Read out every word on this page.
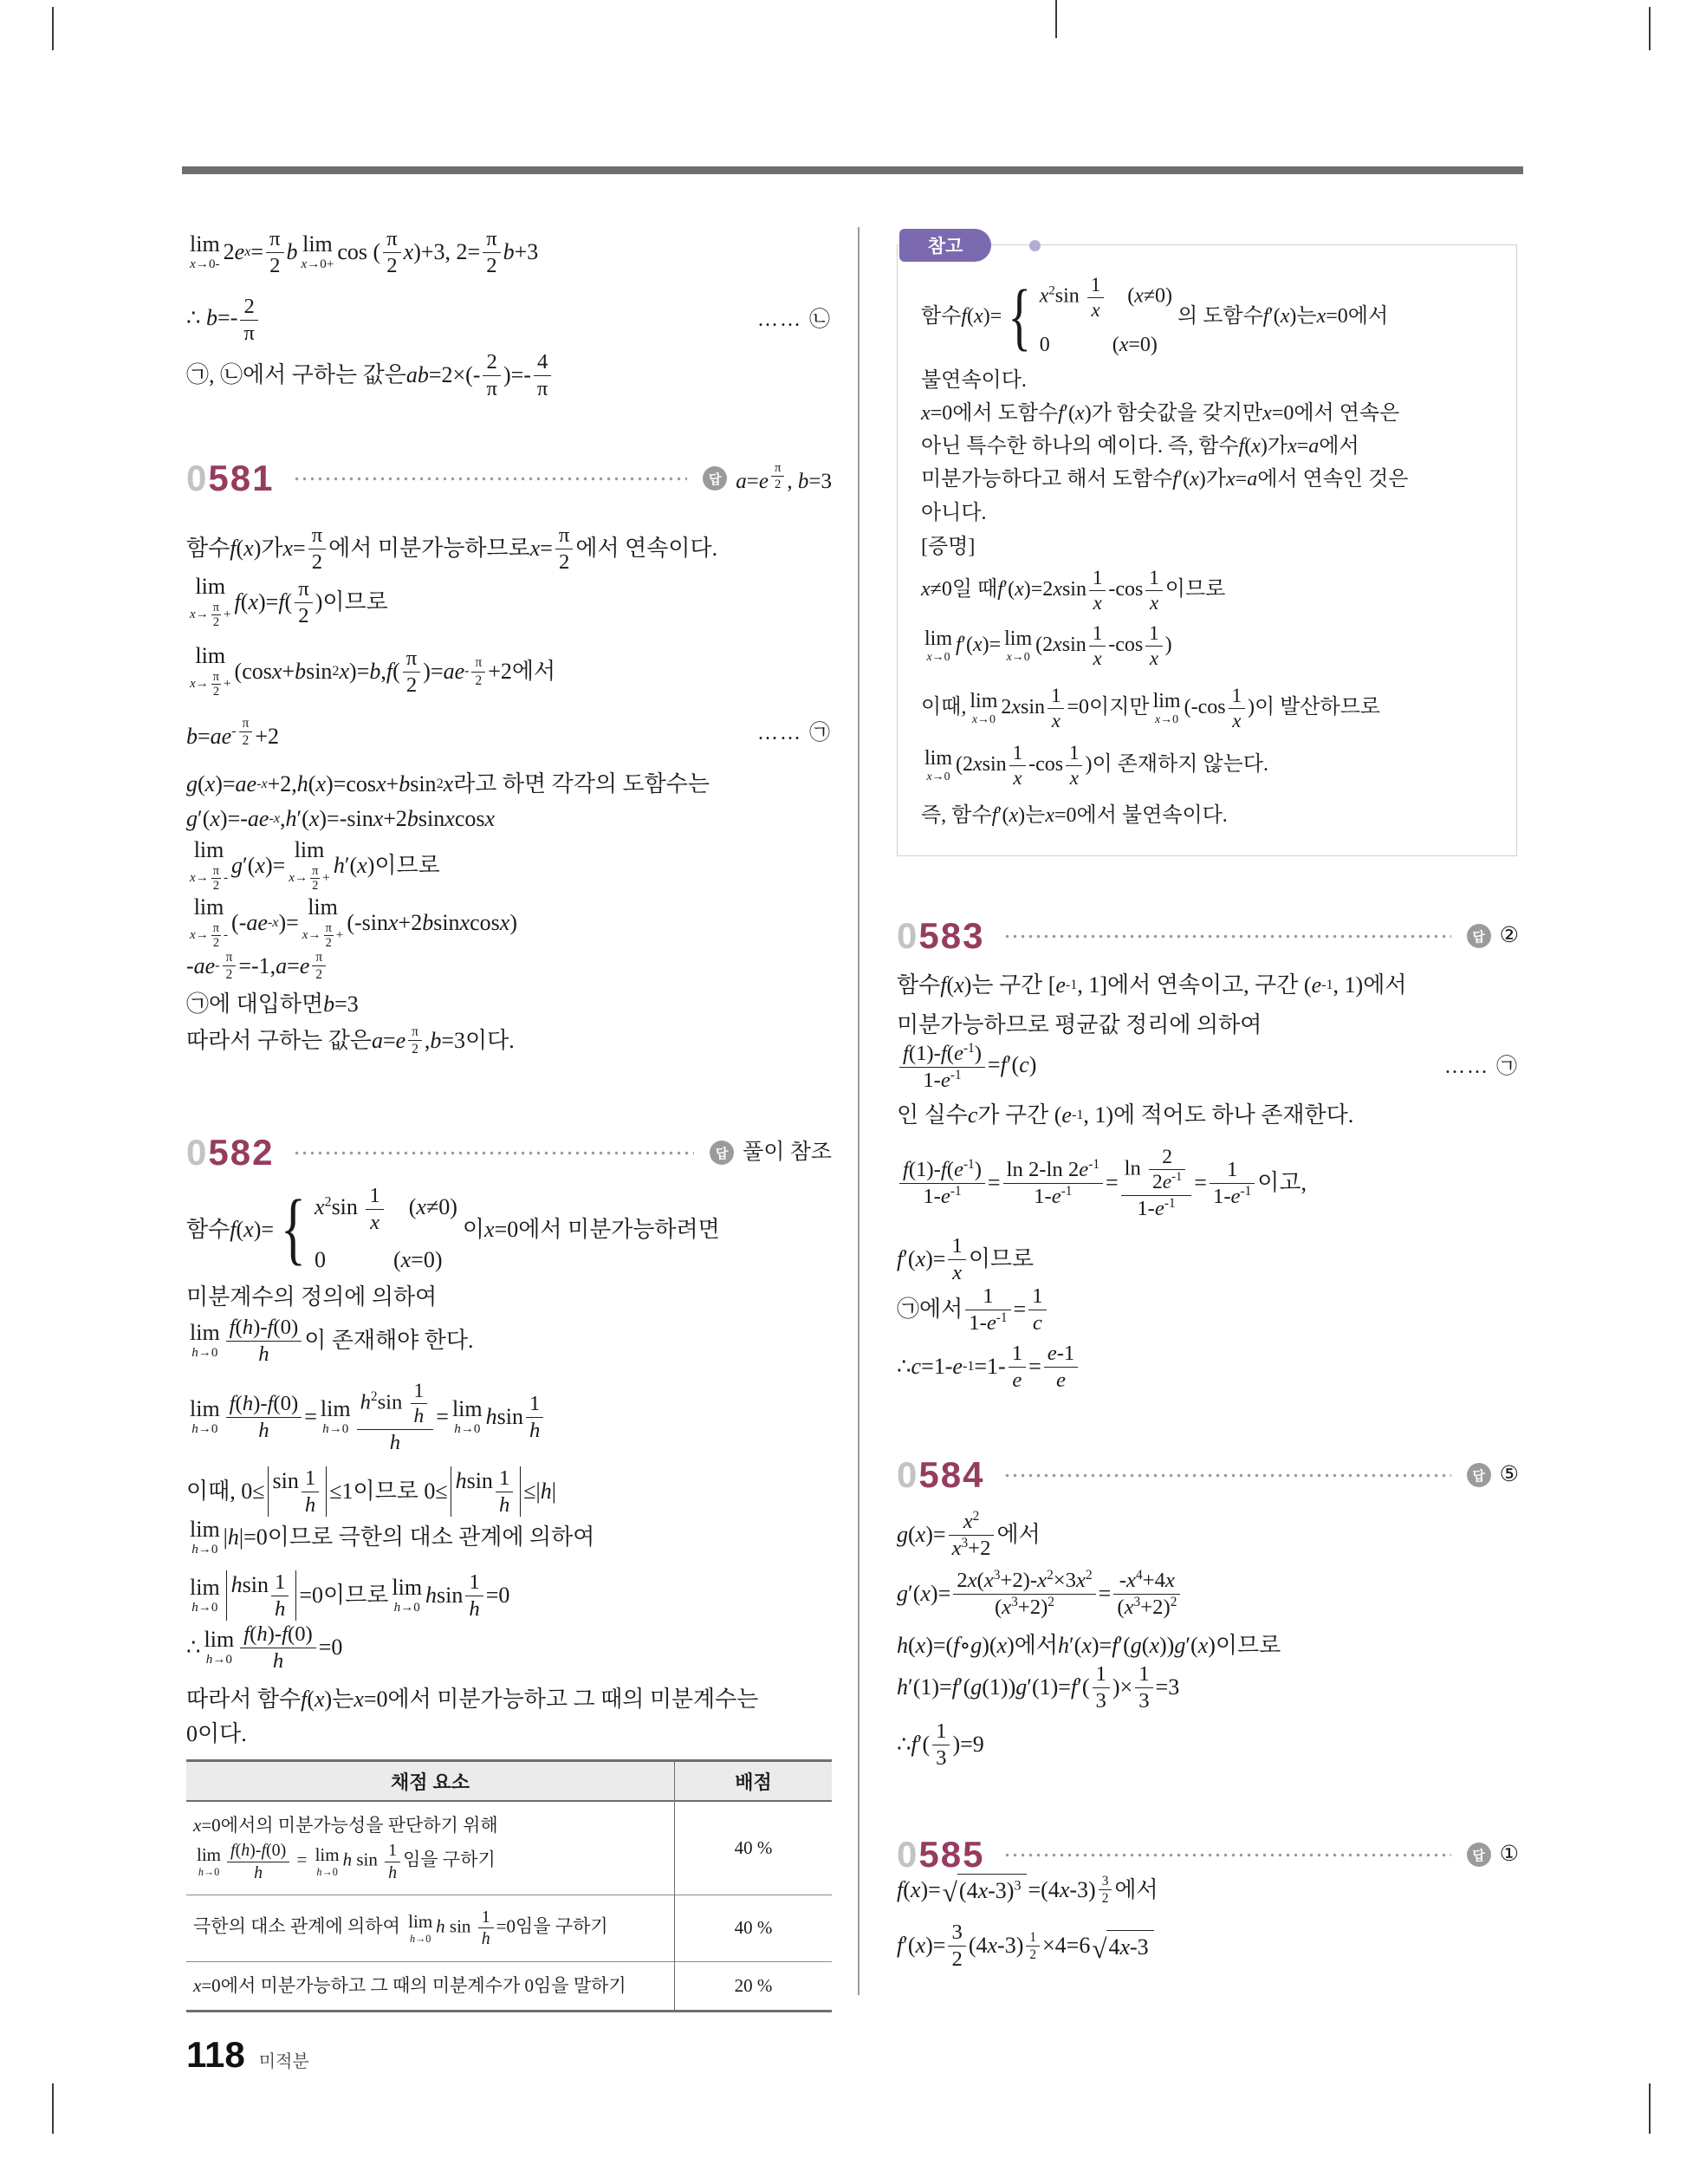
lim
x→0- 2 e x =
π
2
b lim
x→0+ cos ( $\frac{\pi}{2}$ x )+3, 2=
π
2
b +3
∴ $b=- \frac{2}{\pi}$	…… ㉡
㉠, ㉡에서 구하는 값은 ab =2×(-
2
π
)=-
4
π
0581	답 a=e $^{\frac{\pi}{2}}$ , b=3
함수 f ( x )가 x =
π
2
에서 미분가능하므로 x =
π
2
에서 연속이다.
lim
$x\to \frac{\pi}{2} + f$ ( x )= f (
π
2
)이므로
lim
$x\to \frac{\pi}{2} + (\cos$ x + b sin 2 x )= b , f (
π
2
)= ae - $\frac{\pi}{2} +2$에서
$b=ae^{- \frac{\pi}{2}} +2$	…… ㉠
g ( x )= ae -x +2, h ( x )=cos x + b sin 2 x 라고 하면 각각의 도함수는
g ′( x )=- ae -x , h ′( x )=-sin x +2 b sin x cos x
lim
$x\to \frac{\pi}{2} - g$ ′( x )=
lim
$x\to \frac{\pi}{2} + h$ ′( x )이므로
lim
$x\to \frac{\pi}{2}$ - (- ae -x )=
lim
$x\to \frac{\pi}{2} + (-\sin$ x +2 b sin x cos x )
- ae - $\frac{\pi}{2} =-1$, a = e $\frac{\pi}{2}$
㉠에 대입하면 b =3
따라서 구하는 값은 a = e $\frac{\pi}{2}$ , b =3이다.
0582	답 풀이 참조
함수 f ( x )= { $x^2\sin \frac{1}{x}$   (x≠0)
0      (x=0)
이 x =0에서 미분가능하려면
미분계수의 정의에 의하여
lim
h→0
f(h)-f(0)
h
이 존재해야 한다.
lim
h→0
f(h)-f(0)
h
= lim
h→0
$h^2\sin \frac{1}{h}$
h
= lim
h→0 h sin
1
h
이때, 0≤ sin 1
h
≤1이므로 0≤ h sin 1
h
≤| h |
lim
h→0 | h |=0이므로 극한의 대소 관계에 의하여
lim
h→0
h sin 1
h
=0이므로 lim
h→0 h sin
1
h
=0
∴ lim
h→0
f(h)-f(0)
h
=0
따라서 함수 f ( x )는 x =0에서 미분가능하고 그 때의 미분계수는
0이다.
채점 요소	배점

x=0에서의 미분가능성을 판단하기 위해
lim
$h\to 0 \frac{f(h)-f(0)}{h} = \lim$
h→0
h $\sin \frac{1}{h}$ 임을 구하기
	40 %

극한의 대소 관계에 의하여 lim
h→0
h $\sin \frac{1}{h} =0$임을 구하기	40 %

x=0에서 미분가능하고 그 때의 미분계수가 0임을 말하기	20 %
118 미적분
참고
함수 f ( x )= { $x^2\sin \frac{1}{x}$   (x≠0)
0      (x=0)
의 도함수 f ′( x )는 x =0에서
불연속이다.
x =0에서 도함수 f ′( x )가 함숫값을 갖지만 x =0에서 연속은
아닌 특수한 하나의 예이다. 즉, 함수 f ( x )가 x = a 에서
미분가능하다고 해서 도함수 f ′( x )가 x = a 에서 연속인 것은
아니다.
[증명]
x ≠0일 때 f ′( x )=2 x sin
1
x
-cos
1
x
이므로
lim
x→0
f ′( x )= lim
x→0
(2 x sin
1
x
-cos
1
x
)
이때, lim
x→0
2 x sin
1
x
=0이지만 lim
x→0
(-cos
1
x
)이 발산하므로
lim
x→0
(2 x sin
1
x
-cos
1
x
)이 존재하지 않는다.
즉, 함수 f ′( x )는 x =0에서 불연속이다.
0583	답 ②
함수 f ( x )는 구간 [ e -1 , 1]에서 연속이고, 구간 ( e -1 , 1)에서
미분가능하므로 평균값 정리에 의하여
$\frac{f(1)-f(e^{-1})}{1-e^{-1}} =f'(c)$	…… ㉠
인 실수 c 가 구간 ( e -1 , 1)에 적어도 하나 존재한다.
$f(1)-f(e^{-1})$
$1-e^{-1}$	=
ln 2-ln $2e^{-1}$
$1-e^{-1}$	=
$\ln \frac{2}{2e^{-1}}$
$1-e^{-1}$
=
1
$1-e^{-1}$ 이고,
f ′( x )=
1
x
이므로
㉠에서
1
$1-e^{-1}$ =
1
c
∴ c =1- e -1 =1-
1
e
=
e-1
e
0584	답 ⑤
g ( x )=
$x^2$
$x^3+2$
에서
g ′( x )=
$2x(x^3+2)-x^2\times 3x^2$
$(x^3+2)^2$	=
$-x^4+4x$
$(x^3+2)^2$
h ( x )=( f ∘ g )( x )에서 h ′( x )= f ′( g ( x )) g ′( x )이므로
h ′(1)= f ′( g (1)) g ′(1)= f ′(
1
3
)×
1
3
=3
∴ f ′(
1
3
)=9
0585	답 ①
f ( x )= √ $(4x-3)^3 =(4$ x $-3) \frac{3}{2}$ 에서
f ′( x )=
3
2
(4 x $-3) \frac{1}{2} \times 4=6$ √ 4x-3
